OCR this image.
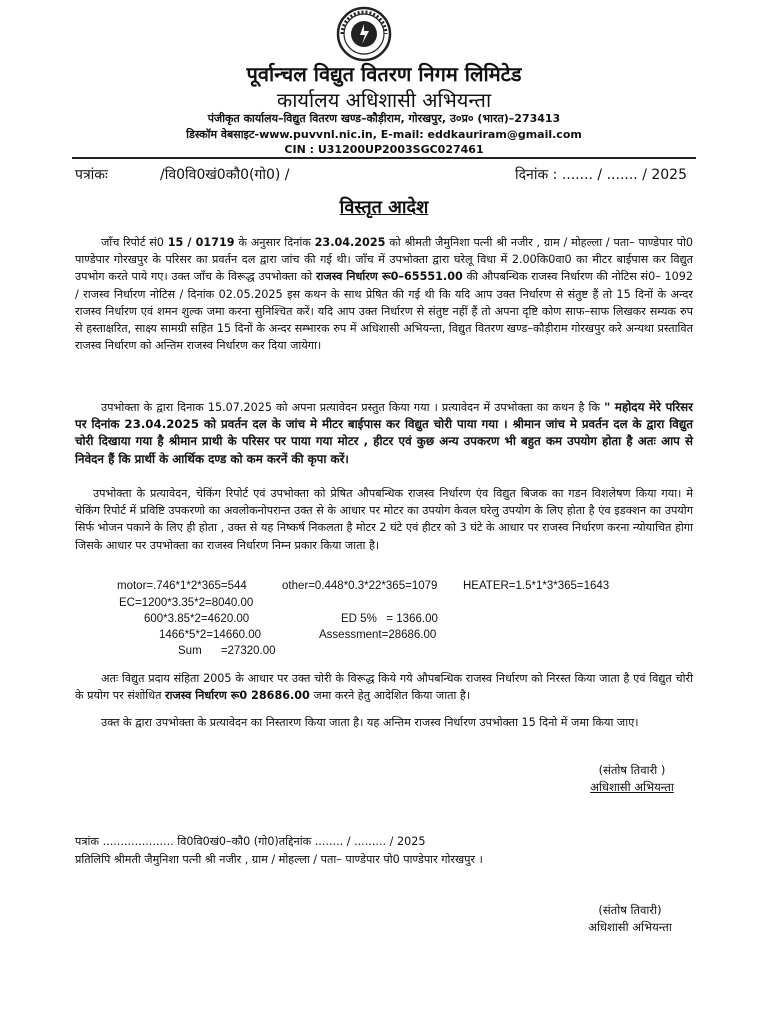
पूर्वान्चल विद्युत वितरण निगम लिमिटेड
कार्यालय अधिशासी अभियन्ता
पंजीकृत कार्यालय–विद्युत वितरण खण्ड–कौड़ीराम, गोरखपुर, उ०प्र० (भारत)–273413
डिस्कॉम वेबसाइट-www.puvvnl.nic.in, E-mail: eddkauriram@gmail.com
CIN : U31200UP2003SGC027461
पत्रांकः	/वि0वि0खं0कौ0(गो0) /	दिनांक : ....... / ....... / 2025
विस्तृत आदेश
जाँच रिपोर्ट सं0 15 / 01719 के अनुसार दिनांक 23.04.2025 को श्रीमती जैमुनिशा पत्नी श्री नजीर , ग्राम / मोहल्ला / पता– पाण्डेपार पो0 पाण्डेपार गोरखपुर के परिसर का प्रवर्तन दल द्वारा जांच की गई थी। जाँच में उपभोक्ता द्वारा घरेलू विधा में 2.00कि0वा0 का मीटर बाईपास कर विद्युत उपभोग करते पाये गए। उक्त जाँच के विरूद्ध उपभोक्ता को राजस्व निर्धारण रू0–65551.00 की औपबन्धिक राजस्व निर्धारण की नोटिस सं0– 1092 / राजस्व निर्धारण नोटिस / दिनांक 02.05.2025 इस कथन के साथ प्रेषित की गई थी कि यदि आप उक्त निर्धारण से संतुष्ट हैं तो 15 दिनों के अन्दर राजस्व निर्धारण एवं शमन शुल्क जमा करना सुनिश्चित करें। यदि आप उक्त निर्धारण से संतुष्ट नहीं हैं तो अपना दृष्टि कोण साफ–साफ लिखकर सम्यक रुप से हस्ताक्षरित, साक्ष्य सामग्री सहित 15 दिनों के अन्दर सम्भारक रुप में अधिशासी अभियन्ता, विद्युत वितरण खण्ड–कौड़ीराम गोरखपुर करे अन्यथा प्रस्तावित राजस्व निर्धारण को अन्तिम राजस्व निर्धारण कर दिया जायेगा।
उपभोक्ता के द्वारा दिनाक 15.07.2025 को अपना प्रत्यावेदन प्रस्तुत किया गया । प्रत्यावेदन में उपभोक्ता का कथन है कि " महोदय मेरे परिसर पर दिनांक 23.04.2025 को प्रवर्तन दल के जांच मे मीटर बाईपास कर विद्युत चोरी पाया गया । श्रीमान जांच मे प्रवर्तन दल के द्वारा विद्युत चोरी दिखाया गया है श्रीमान प्राथी के परिसर पर पाया गया मोटर , हीटर एवं कुछ अन्य उपकरण भी बहुत कम उपयोग होता है अतः आप से निवेदन हैं कि प्रार्थी के आर्थिक दण्ड को कम करनें की कृपा करें।
उपभोक्ता के प्रत्यावेदन, चेकिंग रिपोर्ट एवं उपभोक्ता को प्रेषित औपबन्धिक राजस्व निर्धारण एंव विद्युत बिजक का गडन विशलेषण किया गया। मे चेकिंग रिपोर्ट में प्रविष्टि उपकरणो का अवलोकनोपरान्त उक्त से के आधार पर मोटर का उपयोग केवल घरेलु उपयोग के लिए होता है एंव इडक्शन का उपयोग सिर्फ भोजन पकाने के लिए ही होता , उक्त से यह निष्कर्ष निकलता है मोटर 2 घंटे एवं हीटर को 3 घंटे के आधार पर राजस्व निर्धारण करना न्योयाचित होगा जिसके आधार पर उपभोक्ता का राजस्व निर्धारण निम्न प्रकार किया जाता है।
motor=.746*1*2*365=544	other=0.448*0.3*22*365=1079 HEATER=1.5*1*3*365=1643
EC=1200*3.35*2=8040.00
600*3.85*2=4620.00	ED 5%   = 1366.00
1466*5*2=14660.00	Assessment=28686.00
Sum      =27320.00
अतः विद्युत प्रदाय संहिता 2005 के आधार पर उक्त चोरी के विरूद्ध किये गये औपबन्धिक राजस्व निर्धारण को निरस्त किया जाता है एवं विद्युत चोरी के प्रयोग पर संशोधित राजस्व निर्धारण रू0 28686.00 जमा करने हेतु आदेशित किया जाता है।
उक्त के द्वारा उपभोक्ता के प्रत्यावेदन का निस्तारण किया जाता है। यह अन्तिम राजस्व निर्धारण उपभोक्ता 15 दिनो में जमा किया जाए।
(संतोष तिवारी )
अधिशासी अभियन्ता
पत्रांक .................... वि0वि0खं0–कौ0 (गो0)तद्दिनांक ........ / ......... / 2025
प्रतिलिपि श्रीमती जैमुनिशा पत्नी श्री नजीर , ग्राम / मोहल्ला / पता– पाण्डेपार पो0 पाण्डेपार गोरखपुर ।
(संतोष तिवारी)
अधिशासी अभियन्ता
